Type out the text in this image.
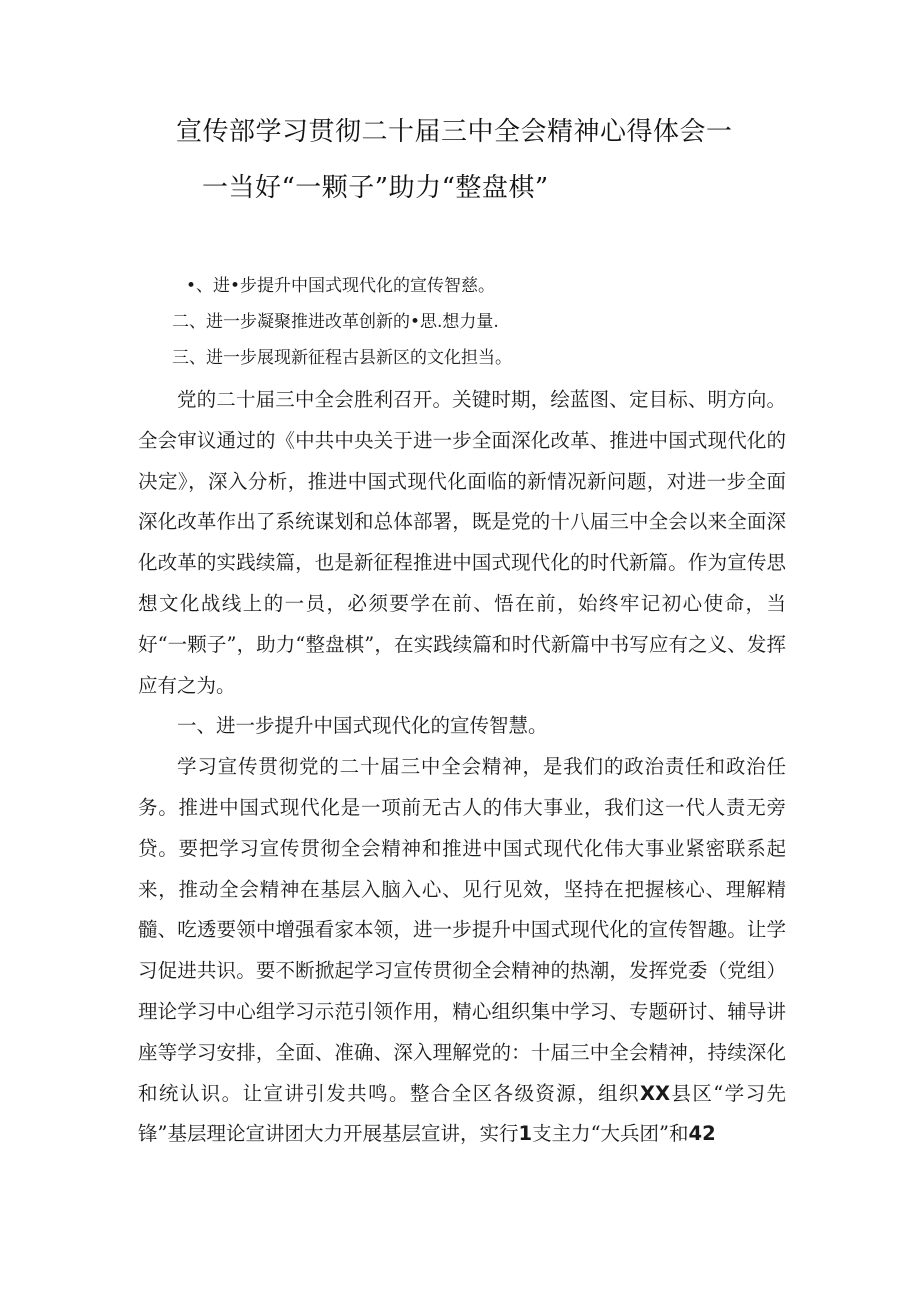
宣传部学习贯彻二十届三中全会精神心得体会一
一当好“一颗子”助力“整盘棋”
•、进•步提升中国式现代化的宣传智慈。
二、进一步凝聚推进改革创新的•思.想力量.
三、进一步展现新征程古县新区的文化担当。

党的二十届三中全会胜利召开。关键时期，绘蓝图、定目标、明方向。全会审议通过的《中共中央关于进一步全面深化改革、推进中国式现代化的决定》，深入分析，推进中国式现代化面临的新情况新问题，对进一步全面深化改革作出了系统谋划和总体部署，既是党的十八届三中全会以来全面深化改革的实践续篇，也是新征程推进中国式现代化的时代新篇。作为宣传思想文化战线上的一员，必须要学在前、悟在前，始终牢记初心使命，当好“一颗子”，助力“整盘棋”，在实践续篇和时代新篇中书写应有之义、发挥应有之为。

一、进一步提升中国式现代化的宣传智慧。

学习宣传贯彻党的二十届三中全会精神，是我们的政治责任和政治任务。推进中国式现代化是一项前无古人的伟大事业，我们这一代人责无旁贷。要把学习宣传贯彻全会精神和推进中国式现代化伟大事业紧密联系起来，推动全会精神在基层入脑入心、见行见效，坚持在把握核心、理解精髓、吃透要领中增强看家本领，进一步提升中国式现代化的宣传智趣。让学习促进共识。要不断掀起学习宣传贯彻全会精神的热潮，发挥党委（党组）理论学习中心组学习示范引领作用，精心组织集中学习、专题研讨、辅导讲座等学习安排，全面、准确、深入理解党的：十届三中全会精神，持续深化和统认识。让宣讲引发共鸣。整合全区各级资源，组织XX县区“学习先锋”基层理论宣讲团大力开展基层宣讲，实行1支主力“大兵团”和42
